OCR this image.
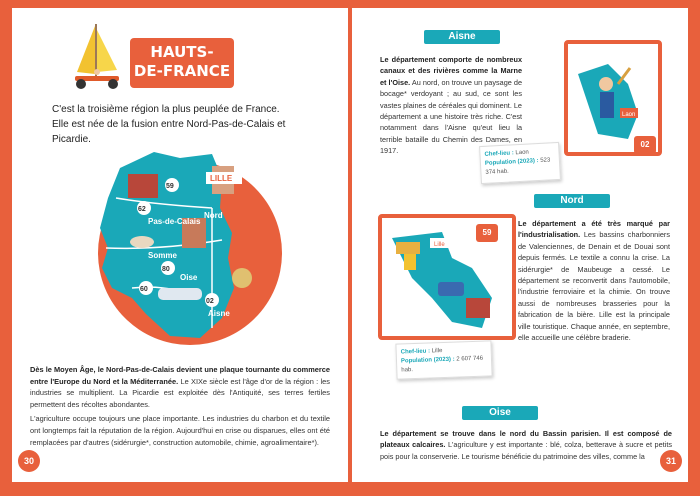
HAUTS-
DE-FRANCE
C'est la troisième région la plus peuplée de France.
Elle est née de la fusion entre Nord-Pas-de-Calais et Picardie.
LILLE
59
62
Nord
Pas-de-Calais
Somme
80
Oise
60
02
Aisne

Dès le Moyen Âge, le Nord-Pas-de-Calais devient une plaque tournante du commerce entre l'Europe du Nord et la Méditerranée. Le XIXe siècle est l'âge d'or de la région : les industries se multiplient. La Picardie est exploitée dès l'Antiquité, ses terres fertiles permettent des récoltes abondantes.

L'agriculture occupe toujours une place importante. Les industries du charbon et du textile ont longtemps fait la réputation de la région. Aujourd'hui en crise ou disparues, elles ont été remplacées par d'autres (sidérurgie*, construction automobile, chimie, agroalimentaire*).

30
Aisne
Le département comporte de nombreux canaux et des rivières comme la Marne et l'Oise. Au nord, on trouve un paysage de bocage* verdoyant ; au sud, ce sont les vastes plaines de céréales qui dominent. Le département a une histoire très riche. C'est notamment dans l'Aisne qu'eut lieu la terrible bataille du Chemin des Dames, en 1917.
Laon
02
Chef-lieu : Laon
Population (2023) : 523 374 hab.
Nord
Lille
59
Le département a été très marqué par l'industrialisation. Les bassins charbonniers de Valenciennes, de Denain et de Douai sont depuis fermés. Le textile a connu la crise. La sidérurgie* de Maubeuge a cessé. Le département se reconvertit dans l'automobile, l'industrie ferroviaire et la chimie. On trouve aussi de nombreuses brasseries pour la fabrication de la bière. Lille est la principale ville touristique. Chaque année, en septembre, elle accueille une célèbre braderie.
Chef-lieu : Lille
Population (2023) : 2 607 746 hab.
Oise
Le département se trouve dans le nord du Bassin parisien. Il est composé de plateaux calcaires. L'agriculture y est importante : blé, colza, betterave à sucre et petits pois pour la conserverie. Le tourisme bénéficie du patrimoine des villes, comme la	31
